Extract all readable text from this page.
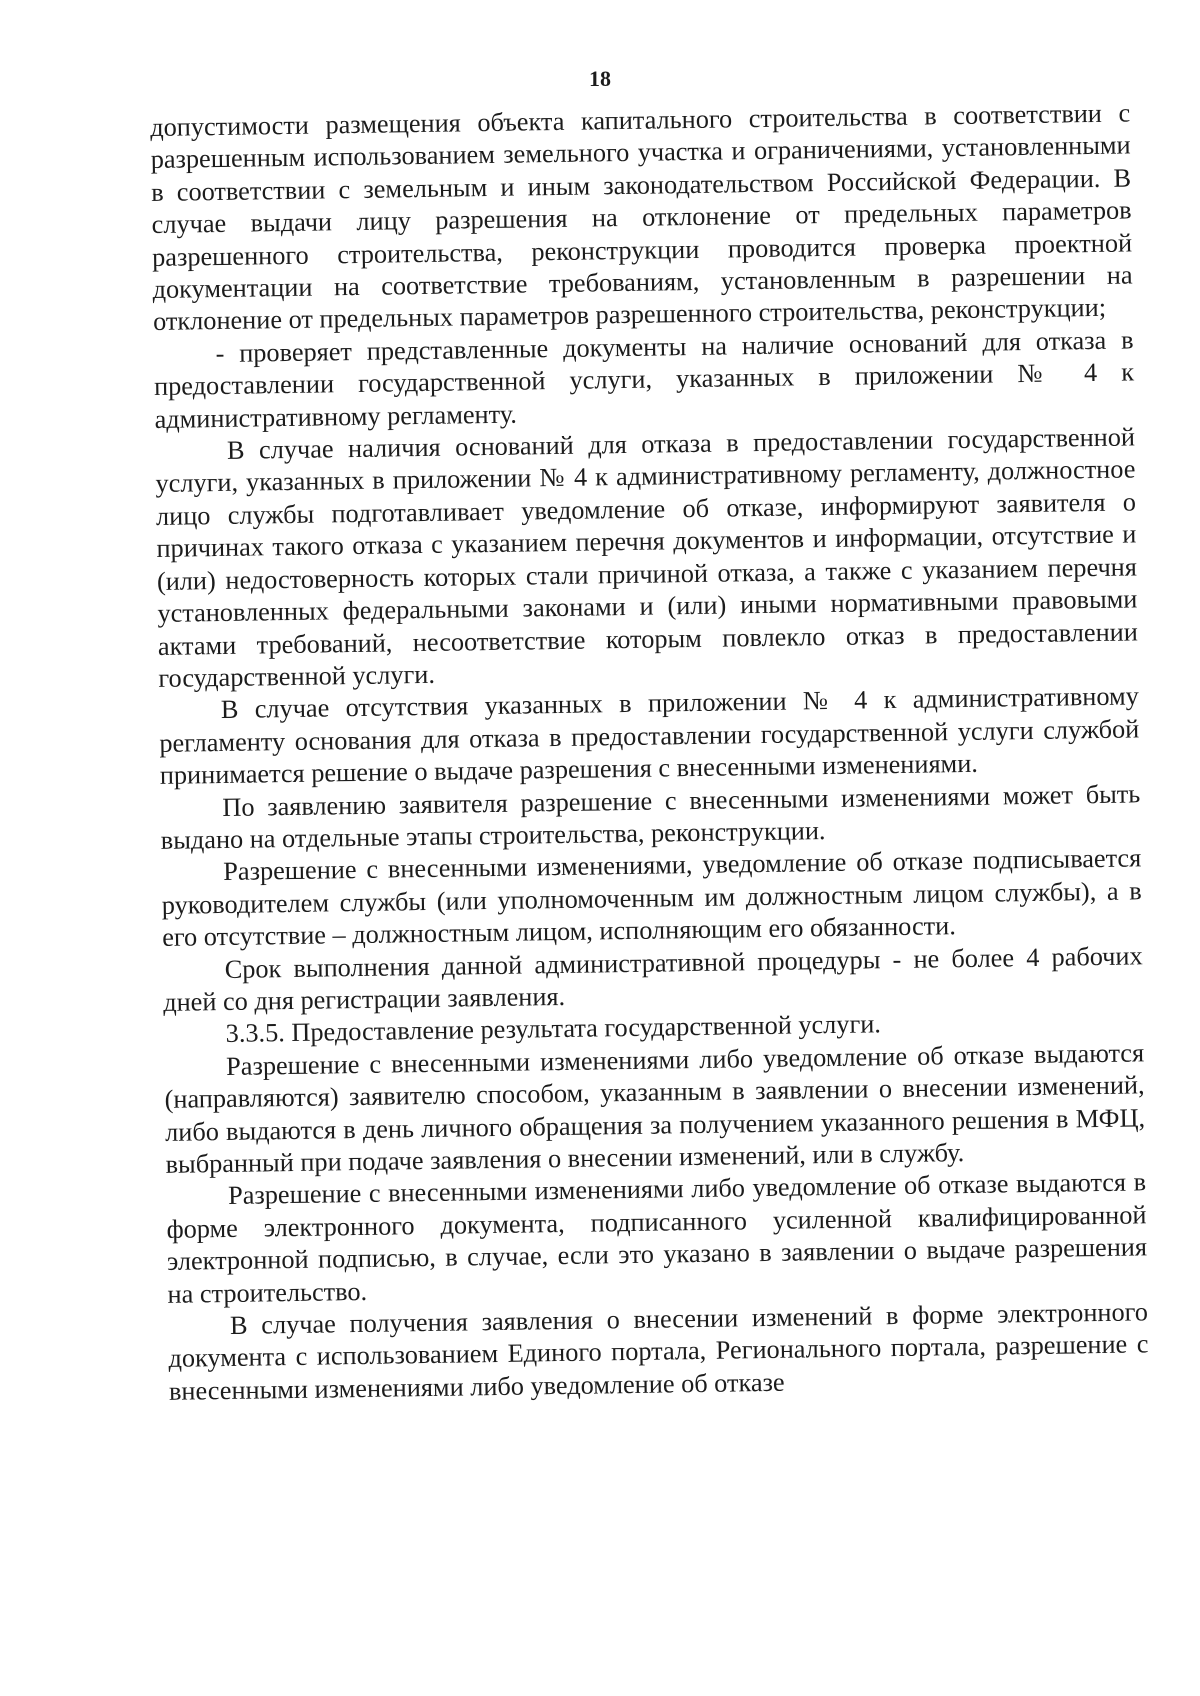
18

допустимости размещения объекта капитального строительства в соответствии с разрешенным использованием земельного участка и ограничениями, установленными в соответствии с земельным и иным законодательством Российской Федерации. В случае выдачи лицу разрешения на отклонение от предельных параметров разрешенного строительства, реконструкции проводится проверка проектной документации на соответствие требованиям, установленным в разрешении на отклонение от предельных параметров разрешенного строительства, реконструкции;

- проверяет представленные документы на наличие оснований для отказа в предоставлении государственной услуги, указанных в приложении № 4 к административному регламенту.

В случае наличия оснований для отказа в предоставлении государственной услуги, указанных в приложении № 4 к административному регламенту, должностное лицо службы подготавливает уведомление об отказе, информируют заявителя о причинах такого отказа с указанием перечня документов и информации, отсутствие и (или) недостоверность которых стали причиной отказа, а также с указанием перечня установленных федеральными законами и (или) иными нормативными правовыми актами требований, несоответствие которым повлекло отказ в предоставлении государственной услуги.

В случае отсутствия указанных в приложении № 4 к административному регламенту основания для отказа в предоставлении государственной услуги службой принимается решение о выдаче разрешения с внесенными изменениями.

По заявлению заявителя разрешение с внесенными изменениями может быть выдано на отдельные этапы строительства, реконструкции.

Разрешение с внесенными изменениями, уведомление об отказе подписывается руководителем службы (или уполномоченным им должностным лицом службы), а в его отсутствие – должностным лицом, исполняющим его обязанности.

Срок выполнения данной административной процедуры - не более 4 рабочих дней со дня регистрации заявления.

3.3.5. Предоставление результата государственной услуги.

Разрешение с внесенными изменениями либо уведомление об отказе выдаются (направляются) заявителю способом, указанным в заявлении о внесении изменений, либо выдаются в день личного обращения за получением указанного решения в МФЦ, выбранный при подаче заявления о внесении изменений, или в службу.

Разрешение с внесенными изменениями либо уведомление об отказе выдаются в форме электронного документа, подписанного усиленной квалифицированной электронной подписью, в случае, если это указано в заявлении о выдаче разрешения на строительство.

В случае получения заявления о внесении изменений в форме электронного документа с использованием Единого портала, Регионального портала, разрешение с внесенными изменениями либо уведомление об отказе
